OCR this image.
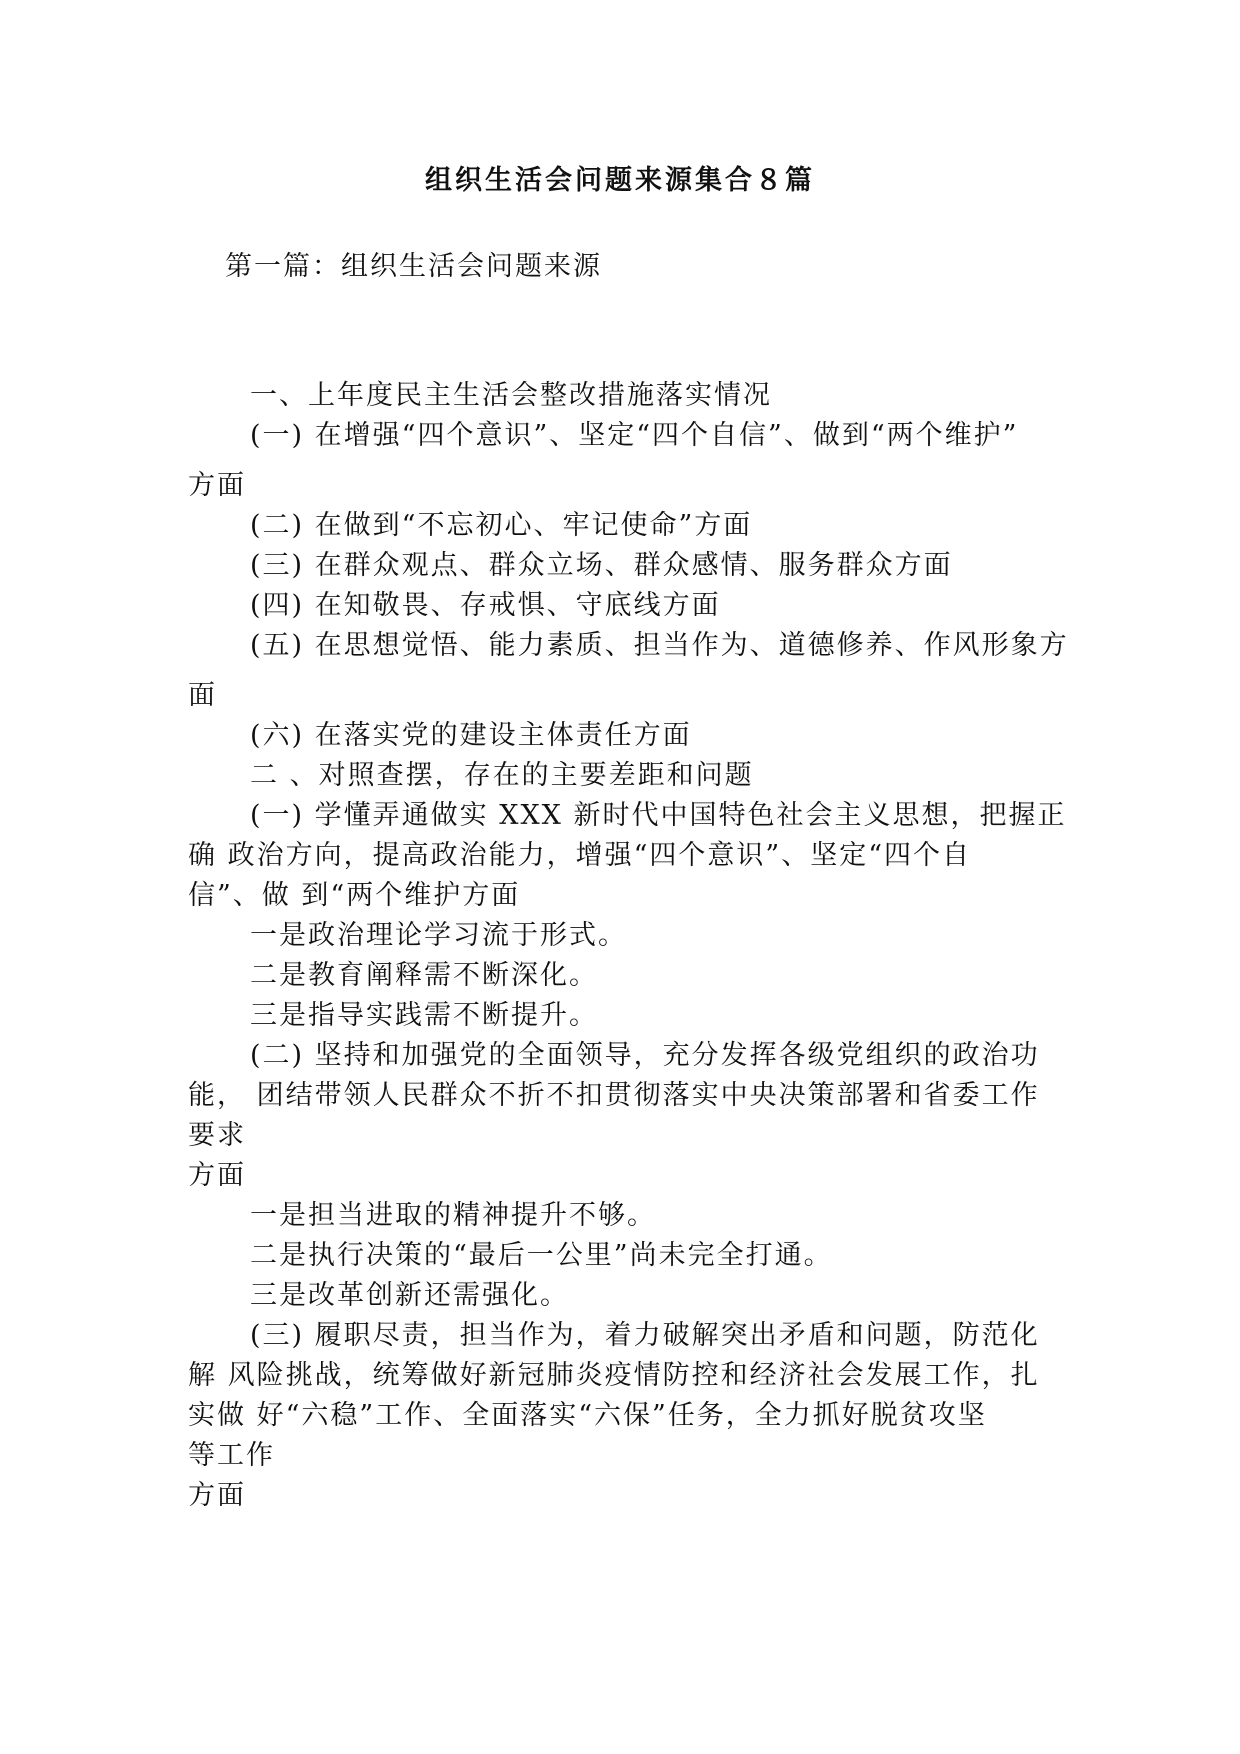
组织生活会问题来源集合８篇
第一篇：组织生活会问题来源
一、上年度民主生活会整改措施落实情况
(一) 在增强“四个意识”、坚定“四个自信”、做到“两个维护”
方面
(二) 在做到“不忘初心、牢记使命”方面
(三) 在群众观点、群众立场、群众感情、服务群众方面
(四) 在知敬畏、存戒惧、守底线方面
(五) 在思想觉悟、能力素质、担当作为、道德修养、作风形象方
面
(六) 在落实党的建设主体责任方面
二 、对照查摆，存在的主要差距和问题
(一) 学懂弄通做实 XXX 新时代中国特色社会主义思想，把握正
确 政治方向，提高政治能力，增强“四个意识”、坚定“四个自
信”、做 到“两个维护方面
一是政治理论学习流于形式。
二是教育阐释需不断深化。
三是指导实践需不断提升。
(二) 坚持和加强党的全面领导，充分发挥各级党组织的政治功
能， 团结带领人民群众不折不扣贯彻落实中央决策部署和省委工作
要求
方面
一是担当进取的精神提升不够。
二是执行决策的“最后一公里”尚未完全打通。
三是改革创新还需强化。
(三) 履职尽责，担当作为，着力破解突出矛盾和问题，防范化
解 风险挑战，统筹做好新冠肺炎疫情防控和经济社会发展工作，扎
实做 好“六稳”工作、全面落实“六保”任务，全力抓好脱贫攻坚
等工作
方面
